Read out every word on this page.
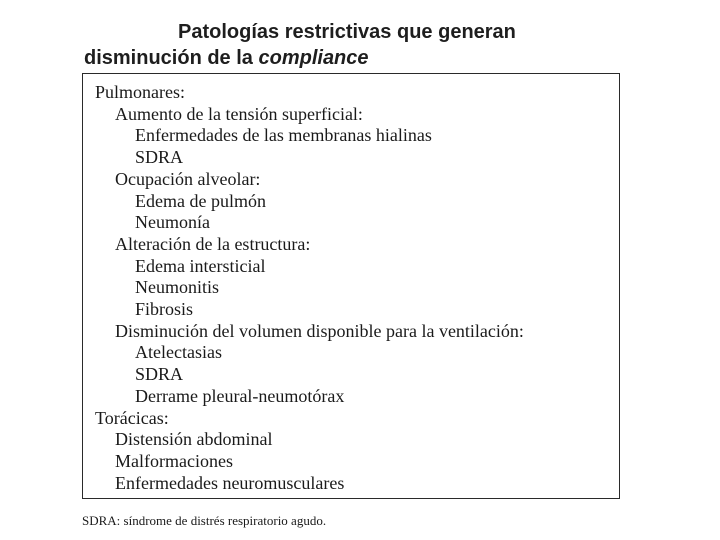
Patologías restrictivas que generan
disminución de la compliance
Pulmonares:
Aumento de la tensión superficial:
Enfermedades de las membranas hialinas
SDRA
Ocupación alveolar:
Edema de pulmón
Neumonía
Alteración de la estructura:
Edema intersticial
Neumonitis
Fibrosis
Disminución del volumen disponible para la ventilación:
Atelectasias
SDRA
Derrame pleural-neumotórax
Torácicas:
Distensión abdominal
Malformaciones
Enfermedades neuromusculares
SDRA: síndrome de distrés respiratorio agudo.
